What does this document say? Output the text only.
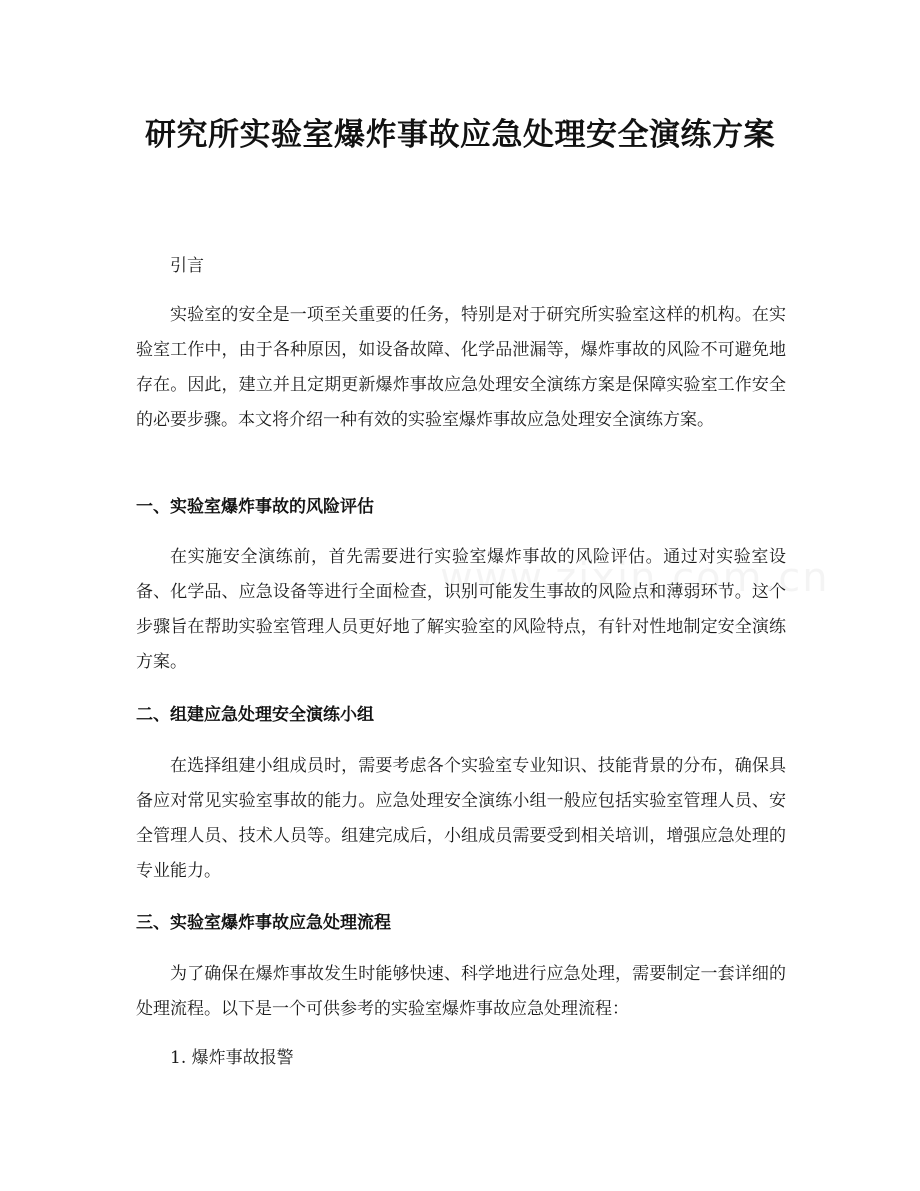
研究所实验室爆炸事故应急处理安全演练方案

引言

实验室的安全是一项至关重要的任务，特别是对于研究所实验室这样的机构。在实验室工作中，由于各种原因，如设备故障、化学品泄漏等，爆炸事故的风险不可避免地存在。因此，建立并且定期更新爆炸事故应急处理安全演练方案是保障实验室工作安全的必要步骤。本文将介绍一种有效的实验室爆炸事故应急处理安全演练方案。

一、实验室爆炸事故的风险评估

在实施安全演练前，首先需要进行实验室爆炸事故的风险评估。通过对实验室设备、化学品、应急设备等进行全面检查，识别可能发生事故的风险点和薄弱环节。这个步骤旨在帮助实验室管理人员更好地了解实验室的风险特点，有针对性地制定安全演练方案。

二、组建应急处理安全演练小组

在选择组建小组成员时，需要考虑各个实验室专业知识、技能背景的分布，确保具备应对常见实验室事故的能力。应急处理安全演练小组一般应包括实验室管理人员、安全管理人员、技术人员等。组建完成后，小组成员需要受到相关培训，增强应急处理的专业能力。

三、实验室爆炸事故应急处理流程

为了确保在爆炸事故发生时能够快速、科学地进行应急处理，需要制定一套详细的处理流程。以下是一个可供参考的实验室爆炸事故应急处理流程：

1. 爆炸事故报警
